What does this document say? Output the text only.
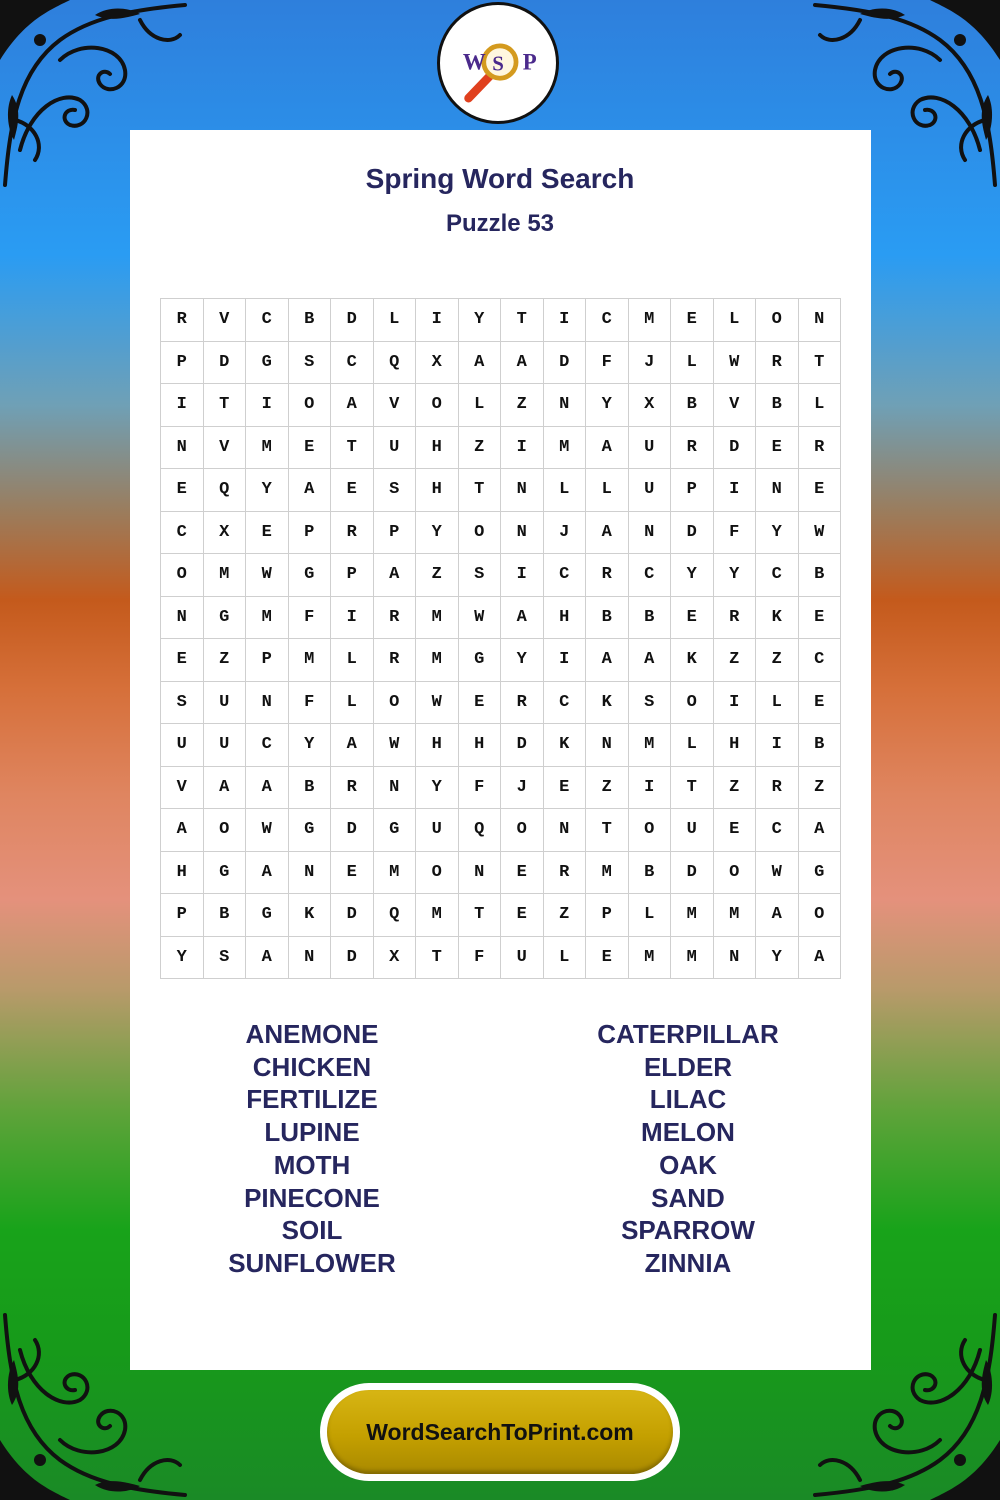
W S P
Spring Word Search
Puzzle 53
R	V	C	B	D	L	I	Y	T	I	C	M	E	L	O	N
P	D	G	S	C	Q	X	A	A	D	F	J	L	W	R	T
I	T	I	O	A	V	O	L	Z	N	Y	X	B	V	B	L
N	V	M	E	T	U	H	Z	I	M	A	U	R	D	E	R
E	Q	Y	A	E	S	H	T	N	L	L	U	P	I	N	E
C	X	E	P	R	P	Y	O	N	J	A	N	D	F	Y	W
O	M	W	G	P	A	Z	S	I	C	R	C	Y	Y	C	B
N	G	M	F	I	R	M	W	A	H	B	B	E	R	K	E
E	Z	P	M	L	R	M	G	Y	I	A	A	K	Z	Z	C
S	U	N	F	L	O	W	E	R	C	K	S	O	I	L	E
U	U	C	Y	A	W	H	H	D	K	N	M	L	H	I	B
V	A	A	B	R	N	Y	F	J	E	Z	I	T	Z	R	Z
A	O	W	G	D	G	U	Q	O	N	T	O	U	E	C	A
H	G	A	N	E	M	O	N	E	R	M	B	D	O	W	G
P	B	G	K	D	Q	M	T	E	Z	P	L	M	M	A	O
Y	S	A	N	D	X	T	F	U	L	E	M	M	N	Y	A
ANEMONE
CHICKEN
FERTILIZE
LUPINE
MOTH
PINECONE
SOIL
SUNFLOWER
CATERPILLAR
ELDER
LILAC
MELON
OAK
SAND
SPARROW
ZINNIA
WordSearchToPrint.com
